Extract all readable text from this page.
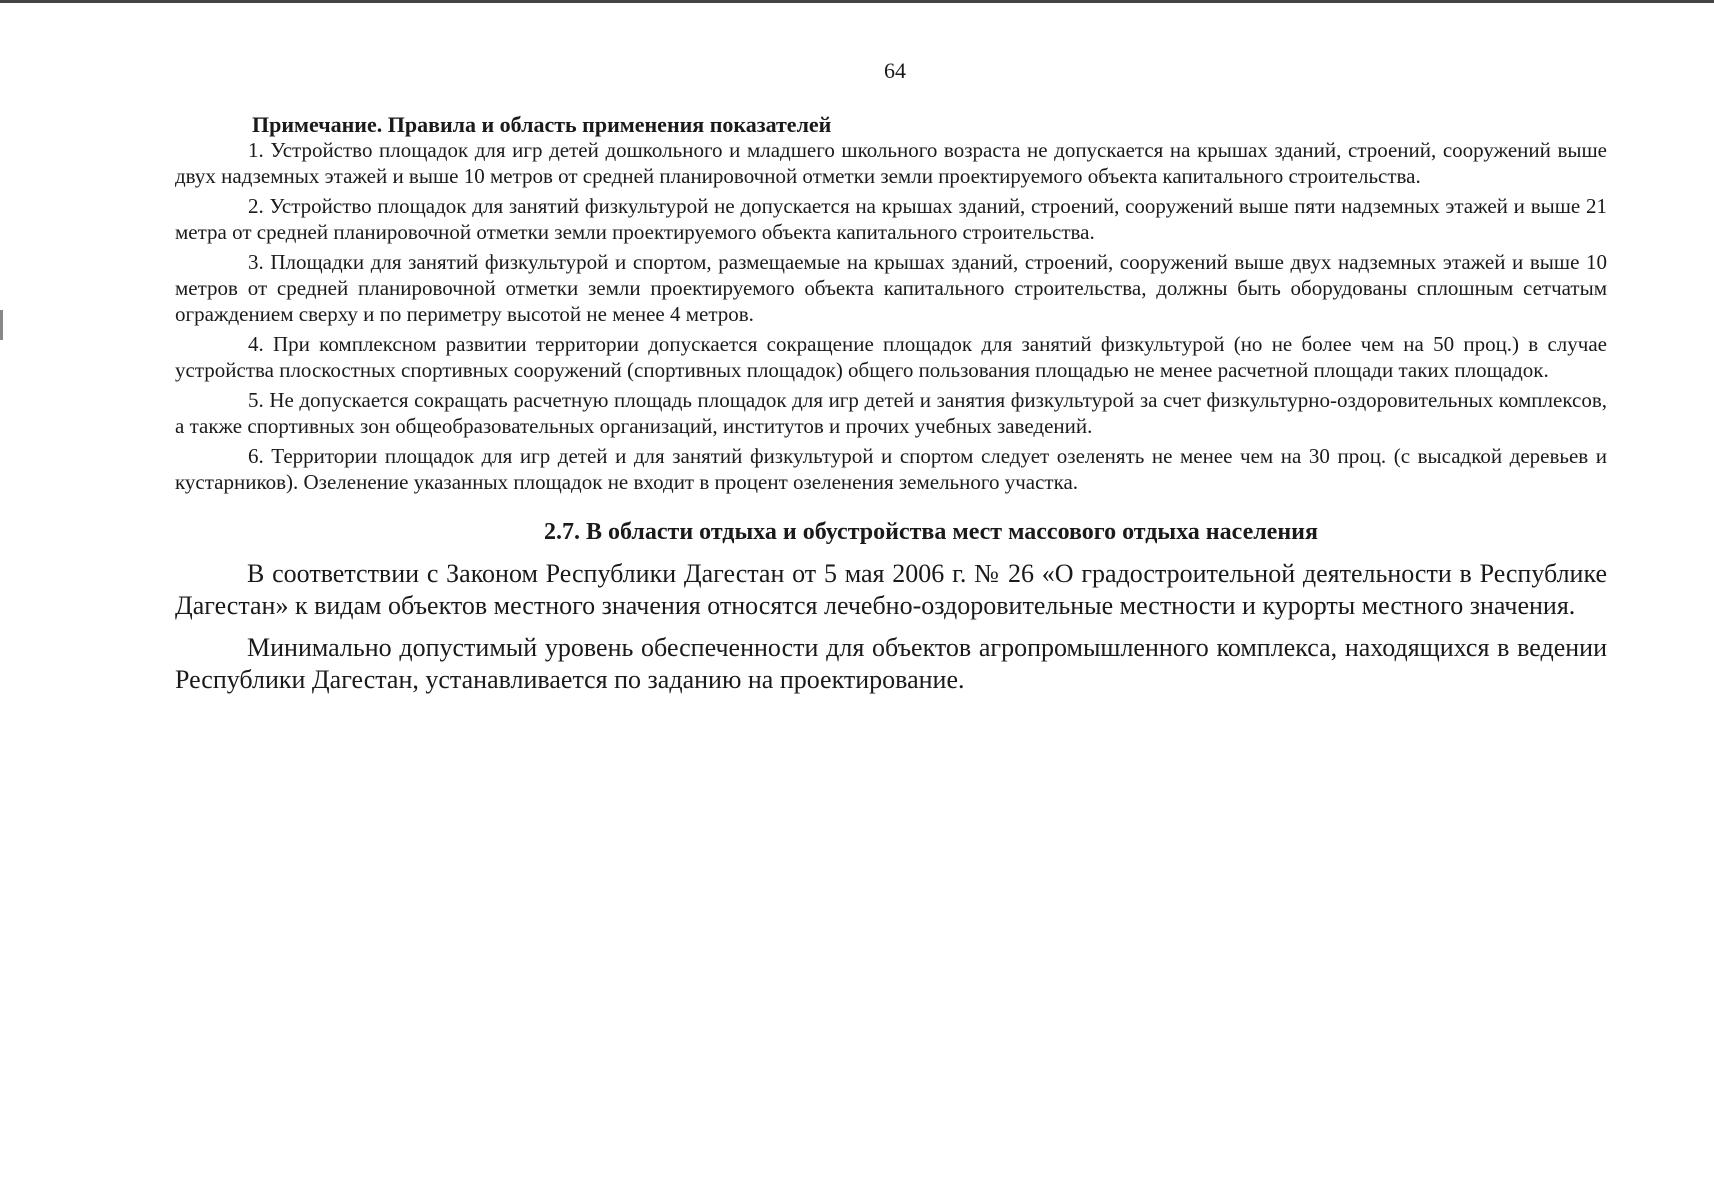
64
Примечание. Правила и область применения показателей

1. Устройство площадок для игр детей дошкольного и младшего школьного возраста не допускается на крышах зданий, строений, сооружений выше двух надземных этажей и выше 10 метров от средней планировочной отметки земли проектируемого объекта капитального строительства.

2. Устройство площадок для занятий физкультурой не допускается на крышах зданий, строений, сооружений выше пяти надземных этажей и выше 21 метра от средней планировочной отметки земли проектируемого объекта капитального строительства.

3. Площадки для занятий физкультурой и спортом, размещаемые на крышах зданий, строений, сооружений выше двух надземных этажей и выше 10 метров от средней планировочной отметки земли проектируемого объекта капитального строительства, должны быть оборудованы сплошным сетчатым ограждением сверху и по периметру высотой не менее 4 метров.

4. При комплексном развитии территории допускается сокращение площадок для занятий физкультурой (но не более чем на 50 проц.) в случае устройства плоскостных спортивных сооружений (спортивных площадок) общего пользования площадью не менее расчетной площади таких площадок.

5. Не допускается сокращать расчетную площадь площадок для игр детей и занятия физкультурой за счет физкультурно-оздоровительных комплексов, а также спортивных зон общеобразовательных организаций, институтов и прочих учебных заведений.

6. Территории площадок для игр детей и для занятий физкультурой и спортом следует озеленять не менее чем на 30 проц. (с высадкой деревьев и кустарников). Озеленение указанных площадок не входит в процент озеленения земельного участка.

2.7. В области отдыха и обустройства мест массового отдыха населения

В соответствии с Законом Республики Дагестан от 5 мая 2006 г. № 26 «О градостроительной деятельности в Республике Дагестан» к видам объектов местного значения относятся лечебно-оздоровительные местности и курорты местного значения.

Минимально допустимый уровень обеспеченности для объектов агропромышленного комплекса, находящихся в ведении Республики Дагестан, устанавливается по заданию на проектирование.
